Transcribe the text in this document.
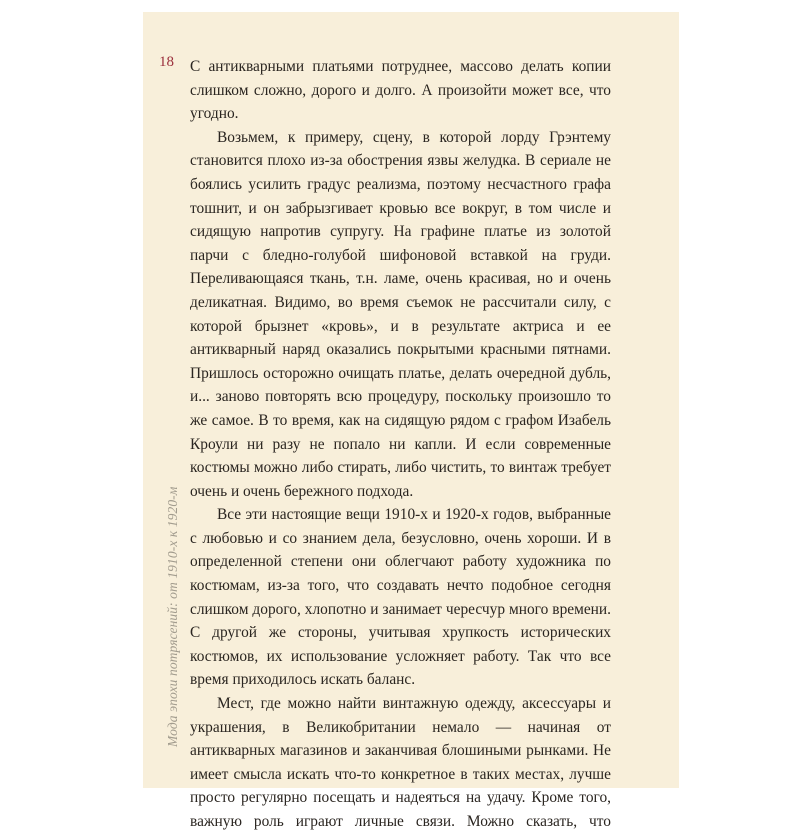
18
Мода эпохи потрясений: от 1910-х к 1920-м

С антикварными платьями потруднее, массово делать копии слишком сложно, дорого и долго. А произойти может все, что угодно.

Возьмем, к примеру, сцену, в которой лорду Грэнтему становится плохо из-за обострения язвы желудка. В сериале не боялись усилить градус реализма, поэтому несчастного графа тошнит, и он забрызгивает кровью все вокруг, в том числе и сидящую напротив супругу. На графине платье из золотой парчи с бледно-голубой шифоновой вставкой на груди. Переливающаяся ткань, т.н. ламе, очень красивая, но и очень деликатная. Видимо, во время съемок не рассчитали силу, с которой брызнет «кровь», и в результате актриса и ее антикварный наряд оказались покрытыми красными пятнами. Пришлось осторожно очищать платье, делать очередной дубль, и... заново повторять всю процедуру, поскольку произошло то же самое. В то время, как на сидящую рядом с графом Изабель Кроули ни разу не попало ни капли. И если современные костюмы можно либо стирать, либо чистить, то винтаж требует очень и очень бережного подхода.

Все эти настоящие вещи 1910-х и 1920-х годов, выбранные с любовью и со знанием дела, безусловно, очень хороши. И в определенной степени они облегчают работу художника по костюмам, из-за того, что создавать нечто подобное сегодня слишком дорого, хлопотно и занимает чересчур много времени. С другой же стороны, учитывая хрупкость исторических костюмов, их использование усложняет работу. Так что все время приходилось искать баланс.

Мест, где можно найти винтажную одежду, аксессуары и украшения, в Великобритании немало — начиная от антикварных магазинов и заканчивая блошиными рынками. Не имеет смысла искать что-то конкретное в таких местах, лучше просто регулярно посещать и надеяться на удачу. Кроме того, важную роль играют личные связи. Можно сказать, что
